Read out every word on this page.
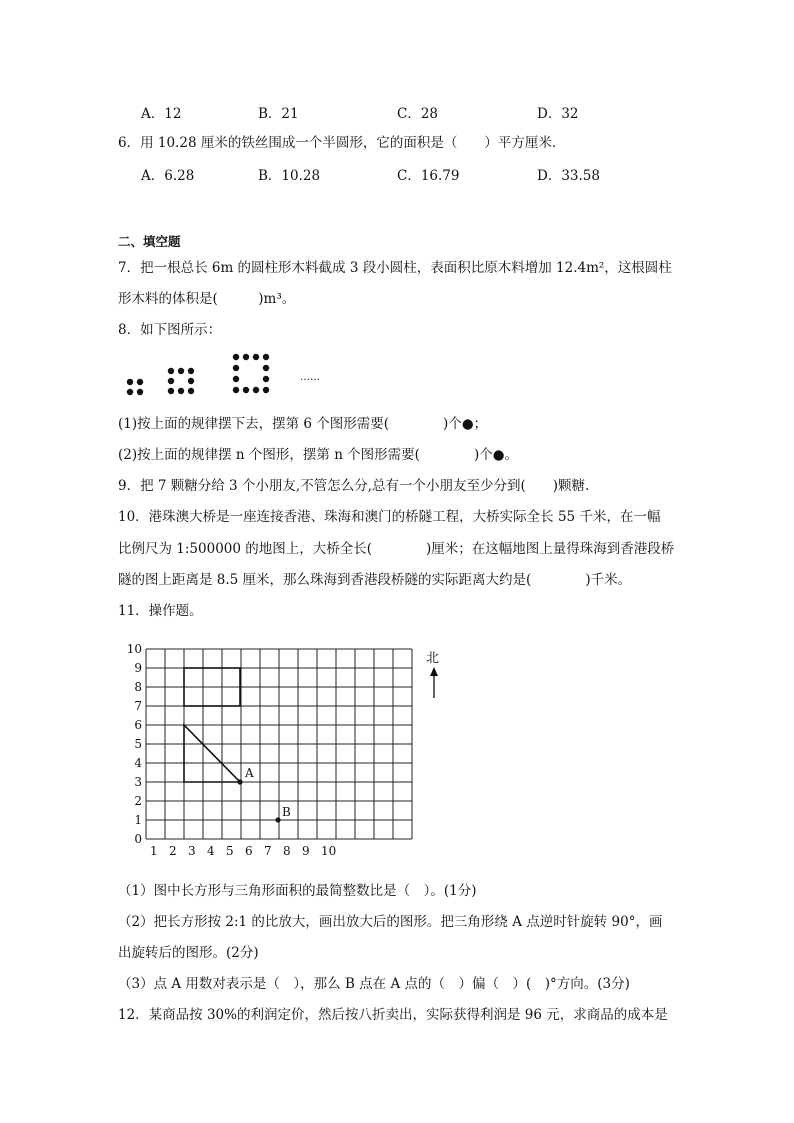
A．12	B．21	C．28	D．32
6．用 10.28 厘米的铁丝围成一个半圆形，它的面积是（　　）平方厘米．
A．6.28	B．10.28	C．16.79	D．33.58
二、填空题
7．把一根总长 6m 的圆柱形木料截成 3 段小圆柱，表面积比原木料增加 12.4m²，这根圆柱
形木料的体积是(　　　)m³。
8．如下图所示：
……
(1)按上面的规律摆下去，摆第 6 个图形需要(　　　　)个●；
(2)按上面的规律摆 n 个图形，摆第 n 个图形需要(　　　　)个●。
9．把 7 颗糖分给 3 个小朋友,不管怎么分,总有一个小朋友至少分到(　　)颗糖.
10．港珠澳大桥是一座连接香港、珠海和澳门的桥隧工程，大桥实际全长 55 千米，在一幅
比例尺为 1:500000 的地图上，大桥全长(　　　　)厘米；在这幅地图上量得珠海到香港段桥
隧的图上距离是 8.5 厘米，那么珠海到香港段桥隧的实际距离大约是(　　　　)千米。
11．操作题。
10
9
8
7
6
5
4
3
2
1
0
1 2 3 4 5 6 7 8 9 10
A
B
北
（1）图中长方形与三角形面积的最简整数比是（　）。(1分)
（2）把长方形按 2:1 的比放大，画出放大后的图形。把三角形绕 A 点逆时针旋转 90°，画
出旋转后的图形。(2分)
（3）点 A 用数对表示是（　），那么 B 点在 A 点的（　）偏（　）(　)°方向。(3分)
12．某商品按 30%的利润定价，然后按八折卖出，实际获得利润是 96 元，求商品的成本是
